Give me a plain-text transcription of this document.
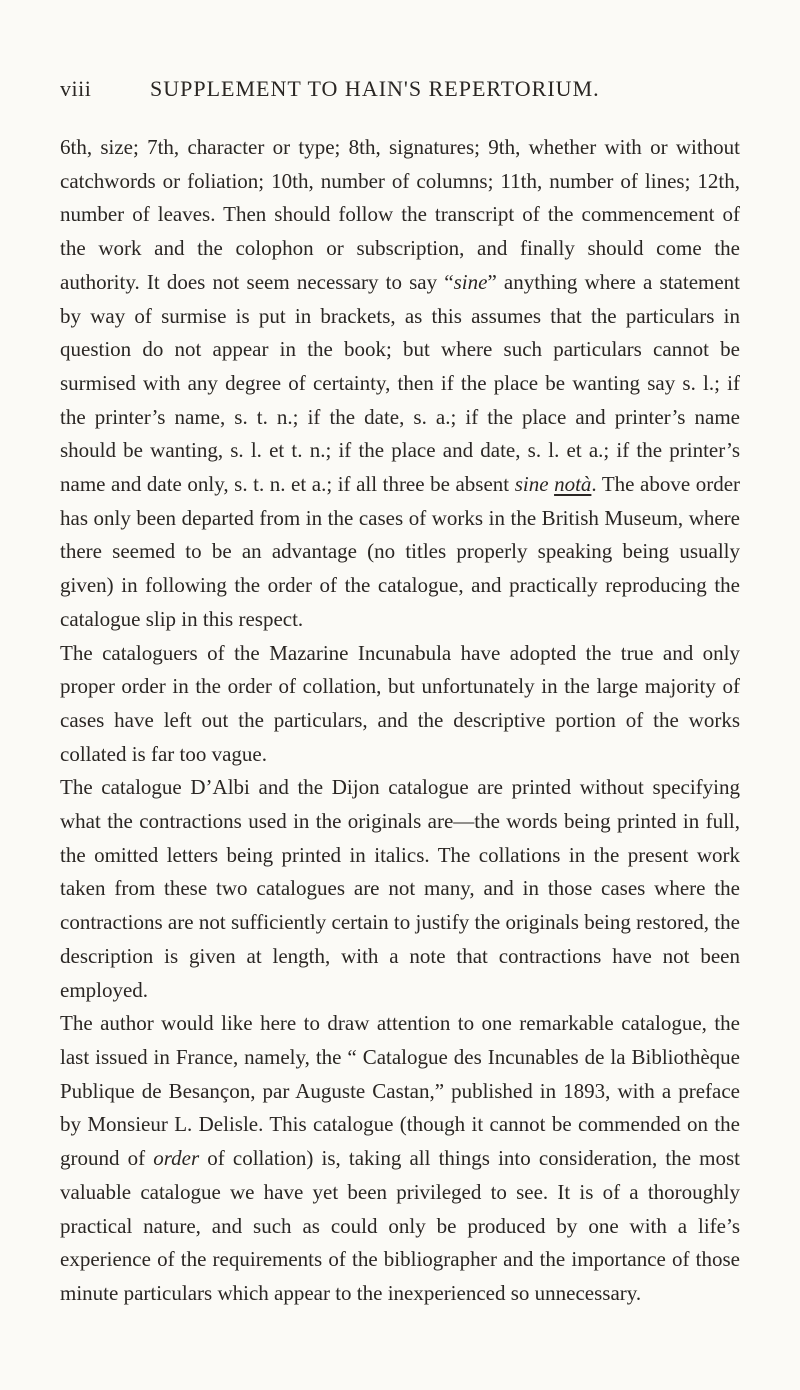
viii	SUPPLEMENT TO HAIN'S REPERTORIUM.

6th, size; 7th, character or type; 8th, signatures; 9th, whether with or without catchwords or foliation; 10th, number of columns; 11th, number of lines; 12th, number of leaves. Then should follow the transcript of the commencement of the work and the colophon or subscription, and finally should come the authority. It does not seem necessary to say “sine” anything where a statement by way of surmise is put in brackets, as this assumes that the particulars in question do not appear in the book; but where such particulars cannot be surmised with any degree of certainty, then if the place be wanting say s. l.; if the printer’s name, s. t. n.; if the date, s. a.; if the place and printer’s name should be wanting, s. l. et t. n.; if the place and date, s. l. et a.; if the printer’s name and date only, s. t. n. et a.; if all three be absent sine notà. The above order has only been departed from in the cases of works in the British Museum, where there seemed to be an advantage (no titles properly speaking being usually given) in following the order of the catalogue, and practically reproducing the catalogue slip in this respect.

The cataloguers of the Mazarine Incunabula have adopted the true and only proper order in the order of collation, but unfortunately in the large majority of cases have left out the particulars, and the descriptive portion of the works collated is far too vague.

The catalogue D’Albi and the Dijon catalogue are printed without specifying what the contractions used in the originals are—the words being printed in full, the omitted letters being printed in italics. The collations in the present work taken from these two catalogues are not many, and in those cases where the contractions are not sufficiently certain to justify the originals being restored, the description is given at length, with a note that contractions have not been employed.

The author would like here to draw attention to one remarkable catalogue, the last issued in France, namely, the “ Catalogue des Incunables de la Bibliothèque Publique de Besançon, par Auguste Castan,” published in 1893, with a preface by Monsieur L. Delisle. This catalogue (though it cannot be commended on the ground of order of collation) is, taking all things into consideration, the most valuable catalogue we have yet been privileged to see. It is of a thoroughly practical nature, and such as could only be produced by one with a life’s experience of the requirements of the bibliographer and the importance of those minute particulars which appear to the inexperienced so unnecessary.
